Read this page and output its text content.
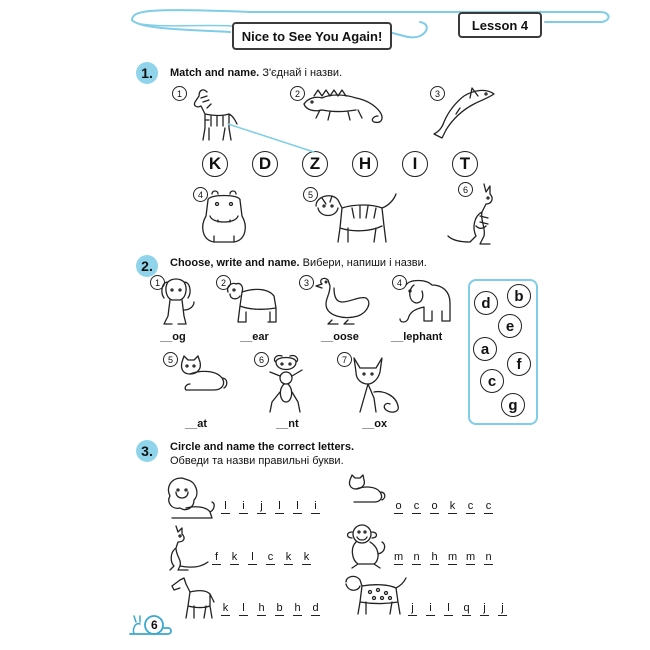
Nice to See You Again!
Lesson 4
1.	Match and name. З'єднай і назви.
1	2	3
4	5	6
K	D	Z	H	I	T
2.	Choose, write and name. Вибери, напиши і назви.
1	2	3	4
5	6	7
__og	__ear	__oose	__lephant
__at	__nt	__ox
d	b
e
a
f
c
g
3.	Circle and name the correct letters.
Обведи та назви правильні букви.
l i j l l i	o c o k c c
f k l c k k	m n h m m n
k l h b h d	j i l q j j
6
